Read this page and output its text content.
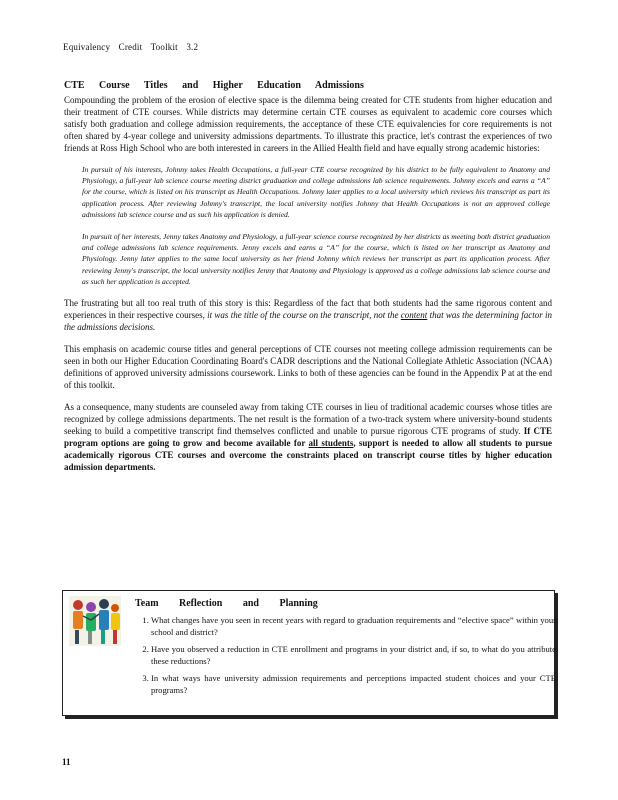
Equivalency Credit Toolkit 3.2
CTE Course Titles and Higher Education Admissions

Compounding the problem of the erosion of elective space is the dilemma being created for CTE students from higher education and their treatment of CTE courses. While districts may determine certain CTE courses as equivalent to academic core courses which satisfy both graduation and college admission requirements, the acceptance of these CTE equivalencies for core requirements is not often shared by 4-year college and university admissions departments. To illustrate this practice, let's contrast the experiences of two friends at Ross High School who are both interested in careers in the Allied Health field and have equally strong academic histories:

In pursuit of his interests, Johnny takes Health Occupations, a full-year CTE course recognized by his district to be fully equivalent to Anatomy and Physiology, a full-year lab science course meeting district graduation and college admissions lab science requirements. Johnny excels and earns a “A” for the course, which is listed on his transcript as Health Occupations. Johnny later applies to a local university which reviews his transcript as part its application process. After reviewing Johnny's transcript, the local university notifies Johnny that Health Occupations is not an approved college admissions lab science course and as such his application is denied.

In pursuit of her interests, Jenny takes Anatomy and Physiology, a full-year science course recognized by her districts as meeting both district graduation and college admissions lab science requirements. Jenny excels and earns a “A” for the course, which is listed on her transcript as Anatomy and Physiology. Jenny later applies to the same local university as her friend Johnny which reviews her transcript as part its application process. After reviewing Jenny's transcript, the local university notifies Jenny that Anatomy and Physiology is approved as a college admissions lab science course and as such her application is accepted.

The frustrating but all too real truth of this story is this: Regardless of the fact that both students had the same rigorous content and experiences in their respective courses, it was the title of the course on the transcript, not the content that was the determining factor in the admissions decisions.

This emphasis on academic course titles and general perceptions of CTE courses not meeting college admission requirements can be seen in both our Higher Education Coordinating Board's CADR descriptions and the National Collegiate Athletic Association (NCAA) definitions of approved university admissions coursework. Links to both of these agencies can be found in the Appendix P at at the end of this toolkit.

As a consequence, many students are counseled away from taking CTE courses in lieu of traditional academic courses whose titles are recognized by college admissions departments. The net result is the formation of a two-track system where university-bound students seeking to build a competitive transcript find themselves conflicted and unable to pursue rigorous CTE programs of study. If CTE program options are going to grow and become available for all students, support is needed to allow all students to pursue academically rigorous CTE courses and overcome the constraints placed on transcript course titles by higher education admission departments.

Team Reflection and Planning
1. What changes have you seen in recent years with regard to graduation requirements and “elective space” within your school and district?
2. Have you observed a reduction in CTE enrollment and programs in your district and, if so, to what do you attribute these reductions?
3. In what ways have university admission requirements and perceptions impacted student choices and your CTE programs?
11
